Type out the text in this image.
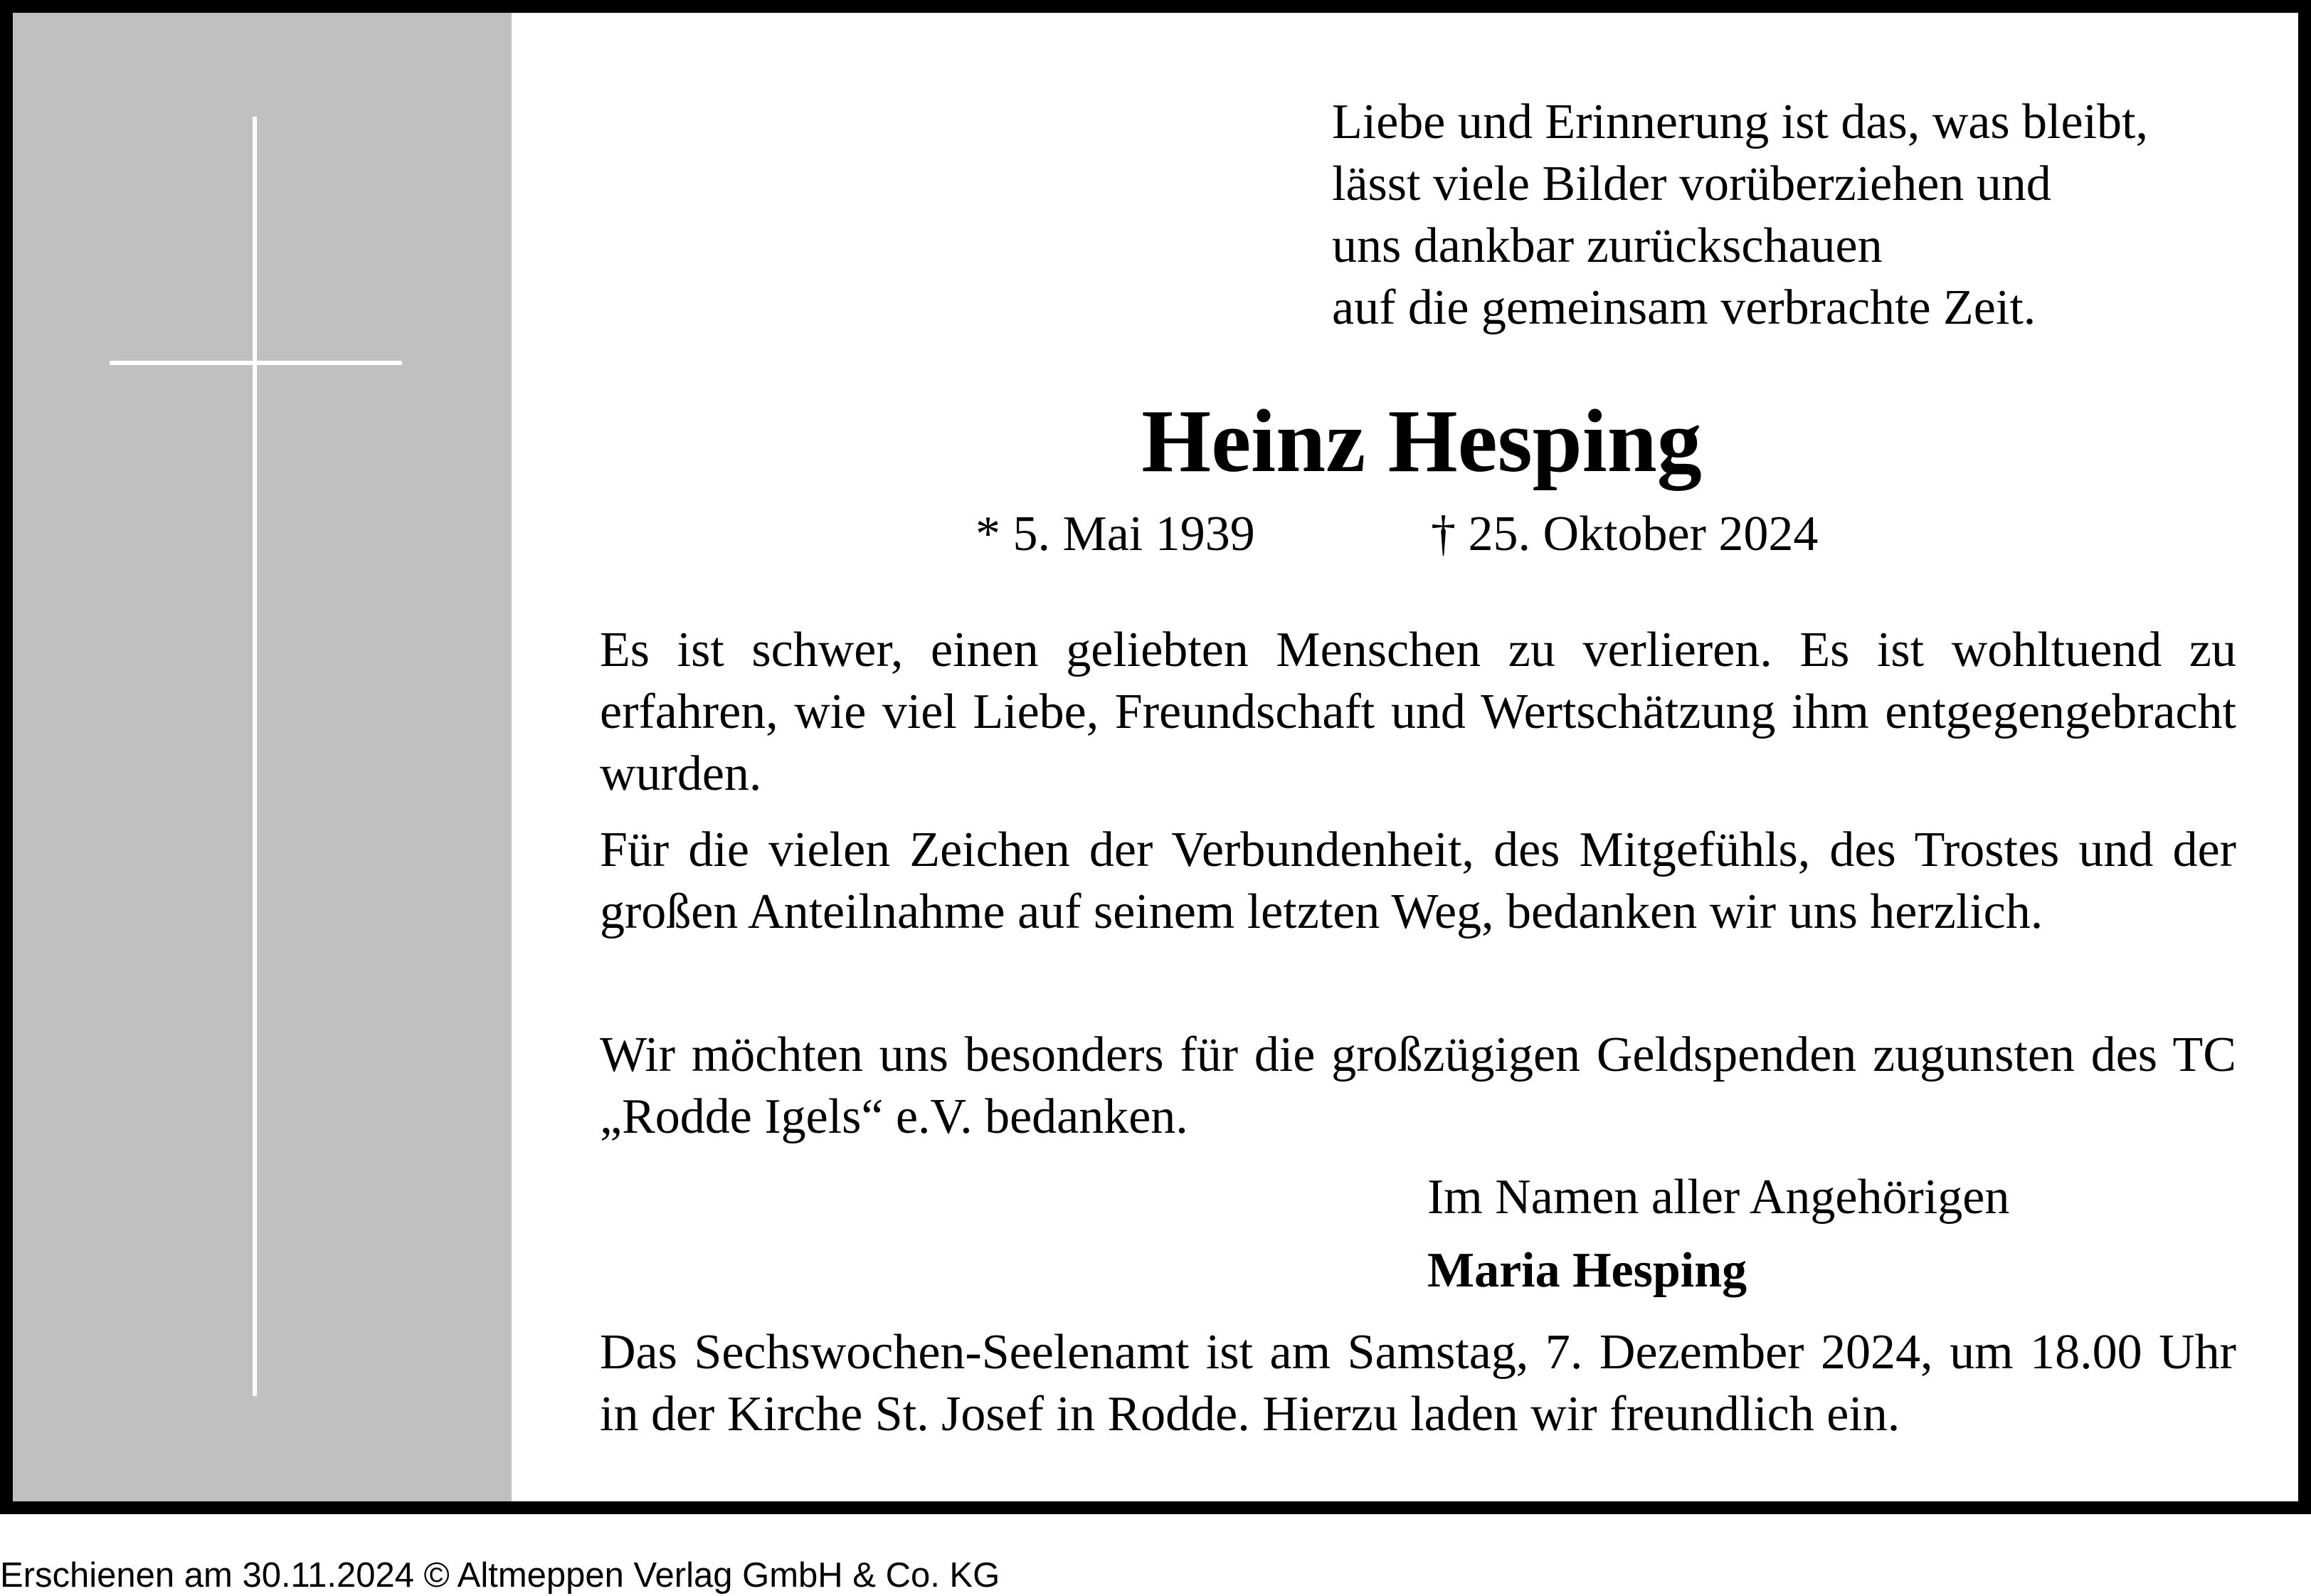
Liebe und Erinnerung ist das, was bleibt,
lässt viele Bilder vorüberziehen und
uns dankbar zurückschauen
auf die gemeinsam verbrachte Zeit.
Heinz Hesping
* 5. Mai 1939	† 25. Oktober 2024

Es ist schwer, einen geliebten Menschen zu verlieren. Es ist wohltuend zu erfahren, wie viel Liebe, Freundschaft und Wertschätzung ihm entgegengebracht wurden.

Für die vielen Zeichen der Verbundenheit, des Mitgefühls, des Trostes und der großen Anteilnahme auf seinem letzten Weg, bedanken wir uns herzlich.

Wir möchten uns besonders für die großzügigen Geldspenden zugunsten des TC „Rodde Igels“ e.V. bedanken.

Im Namen aller Angehörigen
Maria Hesping

Das Sechswochen-Seelenamt ist am Samstag, 7. Dezember 2024, um 18.00 Uhr in der Kirche St. Josef in Rodde. Hierzu laden wir freundlich ein.

Erschienen am 30.11.2024 © Altmeppen Verlag GmbH & Co. KG
